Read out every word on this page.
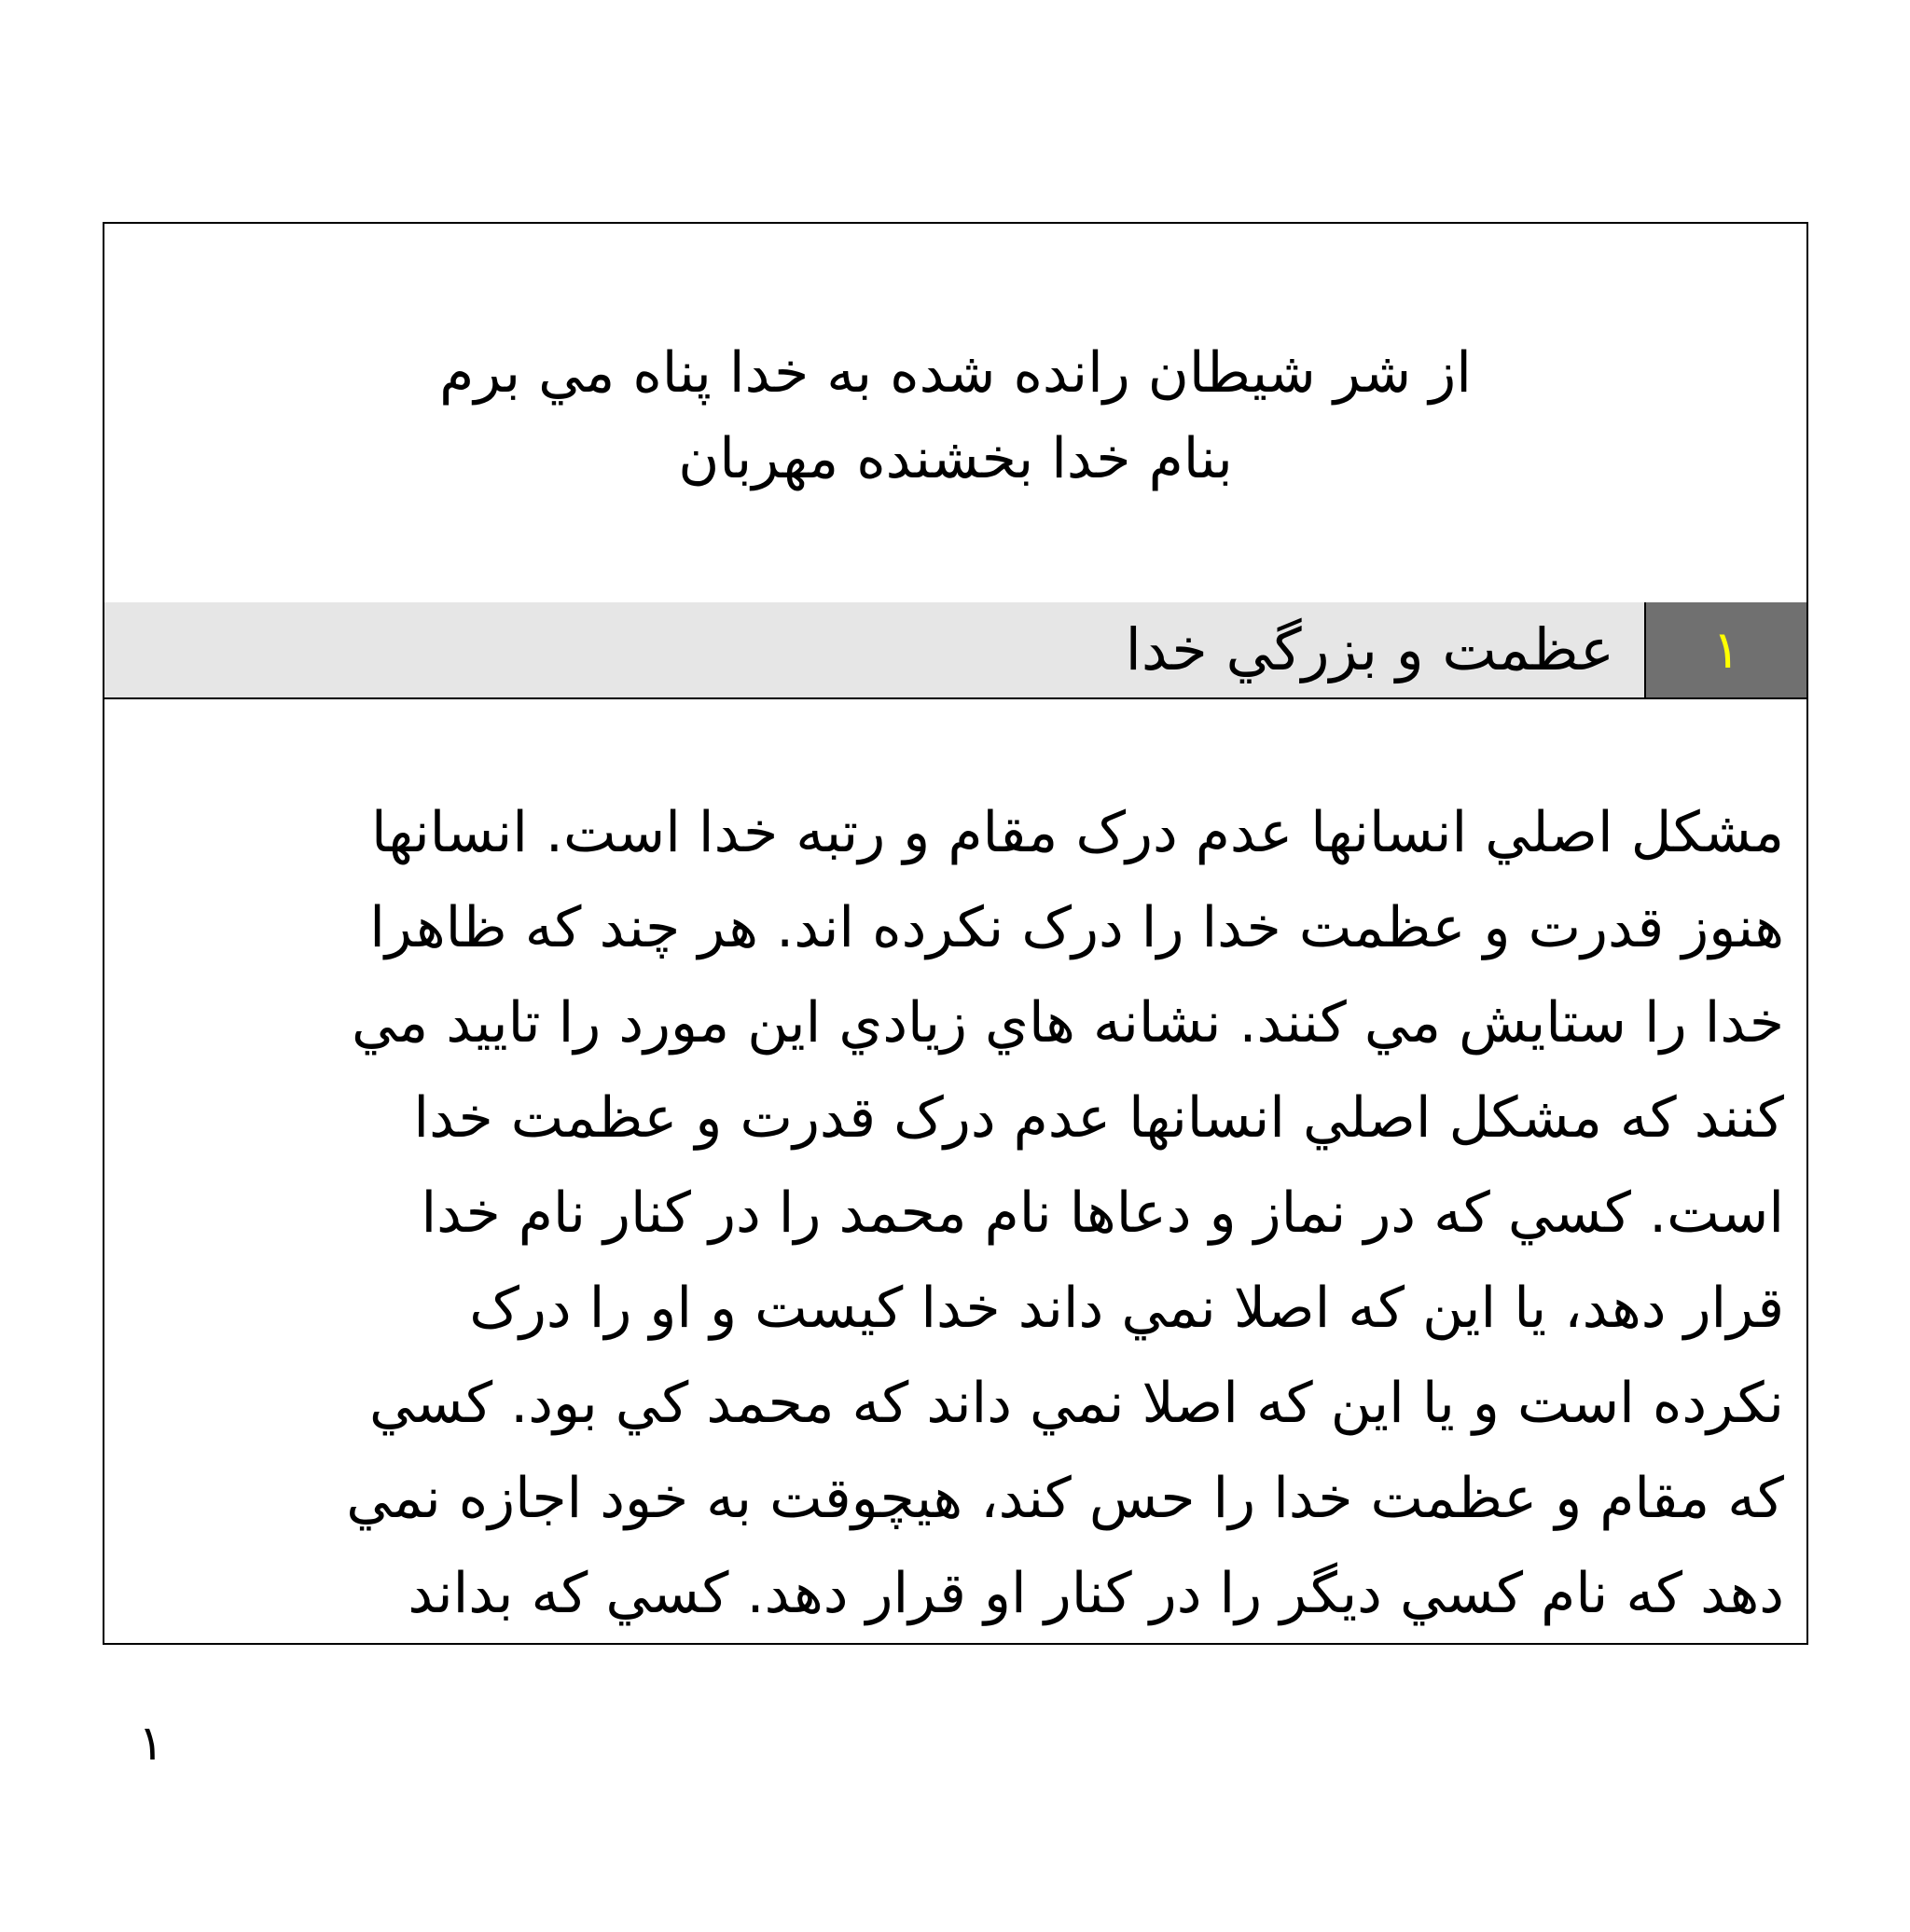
از شر شيطان رانده شده به خدا پناه مي برم
بنام خدا بخشنده مهربان
١
عظمت و بزرگي خدا
مشکل اصلي انسانها عدم درک مقام و رتبه خدا است. انسانها
هنوز قدرت و عظمت خدا را درک نکرده اند. هر چند که ظاهرا
خدا را ستايش مي کنند. نشانه هاي زيادي اين مورد را تاييد مي
کنند که مشکل اصلي انسانها عدم درک قدرت و عظمت خدا
است. کسي که در نماز و دعاها نام محمد را در کنار نام خدا
قرار دهد، يا اين که اصلا نمي داند خدا کيست و او را درک
نکرده است و يا اين که اصلا نمي داند که محمد کي بود. کسي
که مقام و عظمت خدا را حس کند، هيچوقت به خود اجازه نمي
دهد که نام کسي ديگر را در کنار او قرار دهد. کسي که بداند
١
